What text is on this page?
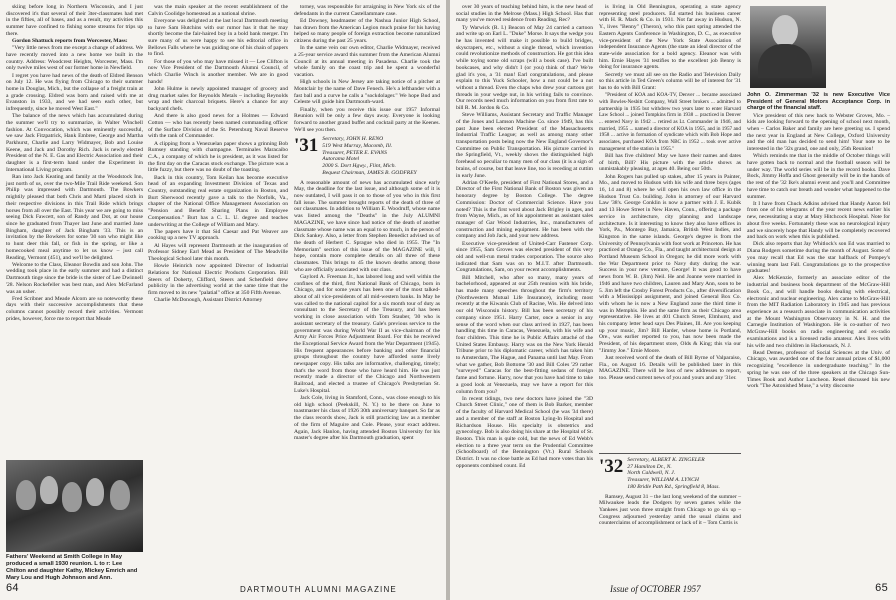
skiing before long in Northern Wisconsin, and I just discovered it's that several of their 3ter-classmates had met in the fifties, all of bases, and as a result, my activities this summer have confined to fishing some streams for trips up there.

Gordon Shattuck reports from Worcester, Mass:

"Very little news from me except a change of address. We have recently moved into a new home we built in the country. Address: Woodcrest Heights, Worcester, Mass. I'm only twelve miles west of our former home in Newfield.

I regret you have had news of the death of Eldred Benson on July 12. He was flying from Chicago to their summer home in Douglas, Mich., but the collapse of a freight train at a grade crossing. Eldred was born and raised with me at Evanston in 1933, and we had seen each other, but infrequently, since he moved West East."

The balance of the news which has accumulated during the summer we'll try to summarize, in Walter Winchell fashion. At Convocation, which was eminently successful, we saw Jack Fitzpatrick, Hank Embree, George and Martha Parkhurst, Charlie and Larry Widmayer, Bob and Louise Keene, and Jack and Dorothy Rich. Jack is newly elected President of the N. E. Gas and Electric Association and their daughter is a first-term hand under the Experiment in International Living program.

Ran into Jack Keating and family at the Woodstock Inn, just north of us, over the two-Mile Trail Ride weekend. Son Philip was impressed with Dartmouth. The Bowkers mightily pleased that both Chris and Marti placed sixth in their respective divisions in this Trail Ride which brings horses from all over the East. This year we are going to miss seeing Dick Fawcett, son of Randy and Dot, at our house since he graduated from Thayer last June and married Jane Bingham, daughter of Jack Bingham '33. This is an invitation by the Bowkers for some '30 son who might like to hunt deer this fall, or fish in the spring, or like a homecooked meal anytime to let us know – just call Reading, Vermont (451), and we'll be delighted.

Welcome to the Class, Eleanor Bowdin and son John. The wedding took place in the early summer and had a distinct Dartmouth tinge since the bride is the sister of Lee Dwinnell '28. Nelson Rockefeller was best man, and Alex McFarland was an usher.

Fred Scribner and Meade Alcorn are so noteworthy these days with their successive accomplishments that these columns cannot possibly record their activities. Vermont prides, however, force me to report that Meade

was the main speaker at the recent establishment of the Calvin Coolidge homestead as a national shrine.

Everyone was delighted at the last local Dartmouth meeting to have Sam Hutchins with our rumor has it that he may shortly become the fair-haired boy in a bold bank merger. I'm sure many of us were happy to see his editorial office in Bellows Falls where he was guiding one of his chain of papers to find.

For those of you who may have missed it — Lee Clifton is now Vice President of the Dartmouth Alumni Council, of which Charlie Winch is another member. We are in good hands!

John Hulme is newly appointed manager of grocery and drug market sales for Reynolds Metals – including Reynolds wrap and their charcoal briquets. Here's a chance for any backyard chefs.

And there is also good news for a Holmes — Edward Cotton — who has recently been named commanding officer of the Surface Division of the St. Petersburg Naval Reserve with the rank of Commander.

A clipping from a Venezuelan paper shows a grinning Bob Rumsey standing with champagne. Terminales Maracaibo C.A., a company of which he is president, as it was listed for the first day on the Caracas stock exchange. The picture was a little fuzzy, but there was no doubt of the toasting.

Back in this country, Tom Keilan has become executive head of an expanding Investment Division of Texas and Country, outstanding real estate organization in Boston, and Burt Sherwood recently gave a talk to the Norfolk, Va., chapter of the National Office Management Association on "Pension and Benefit Sharing Plans in Employee Compensation." Burt has a C. L. U. degree and teaches underwriting at the College of William and Mary.

The papers have it that Sid Caesar and Pat Weaver are cooking up a new TV approach.

Al Hayes will represent Dartmouth at the inauguration of Professor Sidney Earl Mead as President of The Meadville Theological School later this month.

Howie Heinrich now appointed Director of Industrial Relations for National Electric Products Corporation. Bill Steers of Doherty, Clifford, Steers and Schenfield drew publicity in the advertising world at the same time that the firm moved to its new "palatial" office at 350 Fifth Avenue.

Charlie McDonough, Assistant District Attorney

torney, was responsible for arraigning in New York six of the defendants in the current Castellammare case.

Ed Downey, headmaster of the Nashua Junior High School, has drawn from the American Legion much praise for his having helped so many people of foreign extraction become naturalized citizens during the past 25 years.

In the same vein our own editor, Charlie Widmayer, received a 25-year service award this summer from the American Alumni Council at its annual meeting in Pasadena. Charlie took the whole family on the coast trip and he spent a wonderful vacation.

High schools in New Jersey are taking notice of a pitcher at Montclair by the name of Dave Fenech. He's a lefthander with a fast ball and a curve he calls a "sockdolager." We hope Bud and Celeste will guide him Dartmouth-ward.

Finally, when you receive this issue our 1957 Informal Reunion will be only a few days away. Everyone is looking forward to another grand buffet and cocktail party at the Keenes. We'll see you then.

'31 Secretary, JOHN H. RENO
519 West Murray, Macomb, Ill.
Treasurer, PETER E. EVANS
Autorama Motel
2000 S. Dort Hgwy., Flint, Mich.
Bequest Chairman, JAMES B. GODFREY

A reasonable amount of news has accumulated since early May, the deadline for the last issue, and although some of it is now outdated, I will pass it on to those of you who in this first fall issue. The summer brought reports of the death of three of our classmates. In addition to William E. Woodruff, whose name was listed among the "Deaths" in the July ALUMNI MAGAZINE, we have since had notice of the death of another classmate whose name was an equal to so much, in the person of Dick Sankey. Also, a letter from Stephen Benedict advised us of the death of Herbert C. Sprague who died in 1955. The "In Memoriam" section of this issue of the MAGAZINE will, I hope, contain more complete details on all three of these classmates. This brings to 45 the known deaths among those who are officially associated with our class.

Gaylord A. Freeman Jr., has labored long and well within the confines of the third, first National Bank of Chicago, born in Chicago, and for some years has been one of the most talked-about of all vice-presidents of all mid-western banks. In May he was called to the national capitol for a six month tour of duty as consultant to the Secretary of the Treasury, and has been working in close association with Tom Stauber, '30 who is assistant secretary of the treasury. Gale's previous service to the government was during World War II as vice-chairman of the Army Air Forces Price Adjustment Board. For this he received the Exceptional Service Award from the War Department (1945). His frequent appearances before banking and other financial groups throughout the country have afforded some lively newspaper copy. His talks are informative, challenging, timely; that's the word from those who have heard him. He was just recently made a director of the Chicago and Northwestern Railroad, and elected a trustee of Chicago's Presbyterian St. Luke's Hospital.

Jack Cole, living in Stamford, Conn., was close enough to his old high school (Peekskill, N. Y.) to be there on June to toastmaster his class of 1926 30th anniversary banquet. So far as the class records show, Jack is still practicing law as a member of the firm of Maguire and Cole. Please, your exact address. Again, Jack Hanlon, having attended Boston University for his master's degree after his Dartmouth graduation, spent

Fathers' Weekend at Smith College in May produced a small 1930 reunion. L to r: Lee Chilton and daughter Kathy, Mickey Emrich and Mary Lou and Hugh Johnson and Ann.
64	DARTMOUTH ALUMNI MAGAZINE

over 30 years of teaching behind him, is the new head of social studies in the Melrose (Mass.) High School. Has that many you've moved residence from Reading, Rec?

Ty Warwick (R. I.) Beacon of May 24 carried a cartoon and write up on Earl L. "Duke" Morse. It says the wedge you he has invented will make it possible to build bridges, skyscrapers, etc., without a single thread, which invention could revolutionize methods of construction. He got this idea while toying some old scraps (will a book case). I've built bookcases, and why didn't I (or you) think of that? We're glad it's you, a '31 man! Earl congratulations, and please explain to this Yuck Schooler, how a nut could be a nut without a thread. Even the chaps who drew your cartoon got threads in your wedge nut, in his writing fails to convince. Our records need much information on you from first rate to bill R. M. Jordon & Co.

Steve Williams, Assistant Secretary and Traffic Manager of the Jones and Lamson Machine Co. since 1949, has this past June been elected President of the Massachusetts Industrial Traffic League; as well as among many other transportation posts being now the New England Governor's Committee on Public Transportation. His picture carried in the Springfield, Vt., weekly shows the distinguished high forehead so peculiar to many men of our class (it is a sign of brains, of course, but that leave line, too is receding at cuttim in early June.

Adrian O'Keefe, president of First National Stores, and a Director of the First National Bank of Boston was given an honorary degree by Boston College. The degree Commission: Doctor of Commercial Science. Have you noted? This is the first word about Jack Brigley in ages, and from Wayne, Mich., as of his appointment as assistant sales manager of Gar Wood Industries, Inc., manufacturers of construction and mining equipment. He has been with the company and Job Jack, and your new address.

Executive vice-president of United-Carr Fastener Corp. since 1955, Sam Groves was elected president of this very old and well-run metal trades corporation. The source also indicated that Sam was on to M.I.T. after Dartmouth. Congratulations, Sam, on your recent accomplishments.

Bill Mitchell, who after so many, many years of bachelorhood, appeared at our 25th reunion with his bride, has made many speeches throughout the firm's territory (Northwestern Mutual Life Insurance), including most recently at the Kiwanis Club of Racine, Wis. He delved into our old Wisconsin history. Bill has been secretary of his company since 1951. Harry Carter, once a senior in any sense of the word when our class arrived in 1927, has been handling this time in Caracas, Venezuela, with his wife and four children. This time he is Public Affairs attaché of the United States Embassy. Harry was on the New York Herald Tribune prior to his diplomatic career, which has taken him to Amsterdam, The Hague, and Panama until last May. From what we gather, Bob Bottome '30 and Bill Coles '29 rather "surveyed" Caracas for the best-fitting sedans of foreign fame and fortune. Harry, now that you have had time to take a good look at Venezuela, may we have a report for this column from you?

In recent tidings, two new doctors have joined the "3D Church Street Clinic," one of them is Bob Barker, member of the faculty of Harvard Medical School (he was '34 there) and a member of the staff at Boston Lying-In Hospital and Richardson House. His specialty is obstetrics and gynecology. Bob is also doing his share at the Hospital of St. Boston. This man is quite cold, but the news of Ed Webb's election to a three year term on the Prudential Committee (Schoolboard) of the Bennington (Vt.) Rural Schools District. It was no close battle as Ed had more votes than his opponents combined count. Ed

is living in Old Bennington, operating a state agency representing steel producers. Ed started his business career with H. R. Mack & Co. in 1931. Not far away in Hudson, N. Y., lives "Benny" (Theron), who this past spring attended the Eastern Agents Conference in Washington, D. C., as executive vice-president of the New York State Association of independent Insurance Agents (the state an ideal director of the state-wide association for a bold agency. Eleanor was with him. Ernie Hayes '31 testifies to the excellent job Benny is doing for insurance agents.

Secretly we must all see on the Radio and Television Daily so this article in Ted Green's column will be of interest for '31 has to do with Bill Grant:

"President of KOA and KOA-TV, Denver ... became associated with Bowles-Nesbitt Company, Wall Street brokers ... admitted to partnership in 1935 but withdrew two years later to enter Harvard Law School ... joined Tompkins firm in 1938 ... practiced in Denver ... entered Navy in 1942 ... retired as Lt. Commander in 1946, and married, 1955 ... named a director of KOA in 1955, and in 1957 and 1958 ... active in formation of syndicate which with Bob Hope and associates, purchased KOA from NBC in 1952 ... took over active management of the station in 1955."

Bill has five children! May we have their names and dates of birth, Bill? His picture with the article shows as unmistakably pleasing, at ages 40. Being our 50th.

John Rogers has pulled up stakes, after 15 years in Painter, Mo., and moved to Hudson with his wife and three boys (ages 16, 14 and 8) where he will open his own law office in the Hudson Trust Co. building. John is attorney of our Harvard Law '38's. George Conklin is now a partner with J. E. Kubik and 13 Howe Street in New Haven, Conn., offering a package service in architecture, city planning and landscape architecture. Is it interesting to know they also have offices in York, Pa., Montego Bay, Jamaica, British West Indies, and Kingston in the same islands. George's degree is from the University of Pennsylvania with foot work at Princeton. He has practiced at Orange Co., Fla., and taught architectural design at Portland Museum School in Oregon; he did more work with the War Department prior to Navy duty during the war. Success in your new venture, George! It was good to have news from W. B. (Jim) Neil. He and Joanne were married in 1946 and have two children, Lauren and Mary Ann, soon to be 5. Jim left the Crosby Forest Products Co., after diversification with a Mississippi assignment, and joined General Box Co. with whom he is now a New England zone the third time it was in Memphis. He and the same firm as their Chicago area representative. He lives at 401 Church Street, Elmhurst, and his company letter head says Des Plaines, Ill. Are you keeping up your music, Jim? Bill Harder, whose home is Portland, Ore., was earlier reported to you, has now been made the President, of his department store, Olds & King; this via our "Jimmy Joe." Ernie Moore.

Just received word of the death of Bill Byrne of Valparaiso, Fla., on August 16. Details will be published later in this MAGAZINE. There will be loss of new addresses to report, too. Please send current news of you and yours and any '31er.

John O. Zimmerman '32 is new Executive Vice President of General Motors Acceptance Corp. in charge of the financial staff.

Vice president of this new back to Webster Groves, Mo. – kids are looking forward to the opening of school next month, when – Carlos Baker and family are here greeting us. I spend the next year in England at New College, Oxford University and the old man has decided to send him! Your note to be interested in the '32s grand, one and only, 25th Reunion!

Which reminds me that in the middle of October things will have gotten back to normal and the football season will be under way. The world series will be in the record books. Dave Bock, Jimmy Hoffa and Ghost generally will be in the hands of the rest of the '32 Ike's alumni event and you'll and Committee have time to catch our breath and wonder what happened to the summer.

It I have from Chuck Adkins advised that Handy Aaron fell from one of his telegrams of the year recent news earlier his new, necessitating a stay at Mary Hitchcock Hospital. Note for about five weeks. Fortunately these was no neurological injury and we sincerely hope that Handy will be completely recovered and back on work when this is published.

Dick also reports that Jay Whitlock's son Ed was married to Diana Rodgers sometime during the month of August. Some of you may recall that Ed was the star halfback of Pompey's winning team last Fall. Congratulations go to the prospective graduates!

Alex McKenzie, formerly an associate editor of the industrial and business book department of the McGraw-Hill Book Co., and will handle books dealing with electrical, electronic and nuclear engineering. Alex came to McGraw-Hill from the MIT Radiation Laboratory in 1945 and has previous experience as a research associate in communication activities at the Mount Washington Observatory in N. H. and the Carnegie Institution of Washington. He is co-author of two McGraw-Hill books on radio engineering and ex-radio examinations and is a licensed radio amateur. Alex lives with his wife and two children in Hackensack, N. J.

Read Demes, professor of Social Sciences at the Univ. of Chicago, was awarded one of the four annual prizes of $1,000 recognizing "excellence in undergraduate teaching." In the spring he was one of the three speakers at the Chicago Sun-Times Book and Author Luncheon. Reuel discussed his new work "The Astonished Muse," a witty discourse

'32 Secretary, ALBERT K. ZINGELER
27 Hamilton Dr., N.
North Caldwell, N. J.
Treasurer, WILLIAM A. LYNCH
180 Bridle Path Rd., Springfield 8, Mass.

Ramsey, August 31 – the last long weekend of the summer – Milwaukee leads the Dodgers by seven games while the Yankees just won three straight from Chicago to go six up – Congress adjourned yesterday amid the usual claims and counterclaims of accomplishment or lack of it – Tom Curtis is

Issue of OCTOBER 1957	65
